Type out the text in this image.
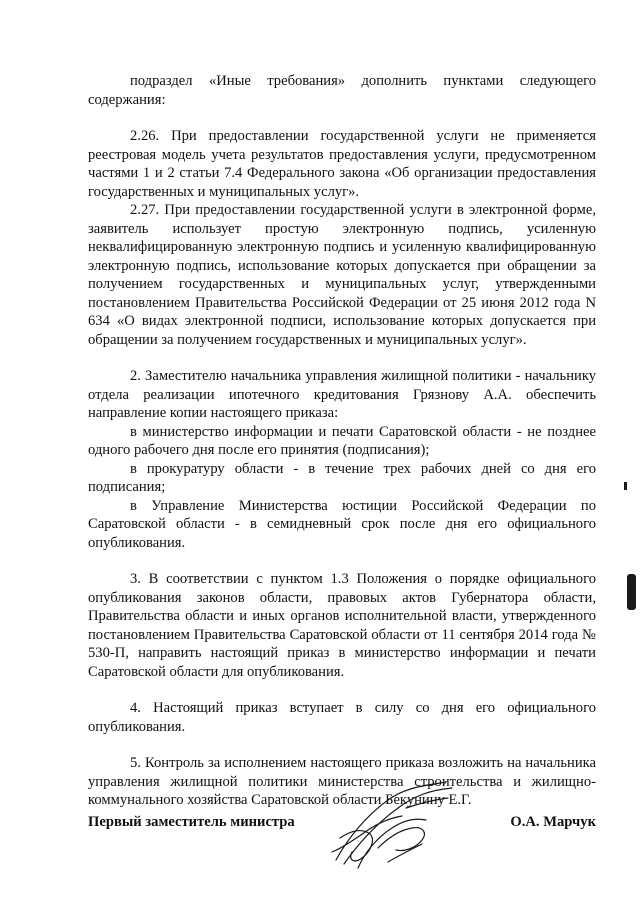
подраздел «Иные требования» дополнить пунктами следующего содержания:

2.26. При предоставлении государственной услуги не применяется реестровая модель учета результатов предоставления услуги, предусмотренном частями 1 и 2 статьи 7.4 Федерального закона «Об организации предоставления государственных и муниципальных услуг».

2.27. При предоставлении государственной услуги в электронной форме, заявитель использует простую электронную подпись, усиленную неквалифицированную электронную подпись и усиленную квалифицированную электронную подпись, использование которых допускается при обращении за получением государственных и муниципальных услуг, утвержденными постановлением Правительства Российской Федерации от 25 июня 2012 года N 634 «О видах электронной подписи, использование которых допускается при обращении за получением государственных и муниципальных услуг».

2. Заместителю начальника управления жилищной политики - начальнику отдела реализации ипотечного кредитования Грязнову А.А. обеспечить направление копии настоящего приказа:

в министерство информации и печати Саратовской области - не позднее одного рабочего дня после его принятия (подписания);

в прокуратуру области - в течение трех рабочих дней со дня его подписания;

в Управление Министерства юстиции Российской Федерации по Саратовской области - в семидневный срок после дня его официального опубликования.

3. В соответствии с пунктом 1.3 Положения о порядке официального опубликования законов области, правовых актов Губернатора области, Правительства области и иных органов исполнительной власти, утвержденного постановлением Правительства Саратовской области от 11 сентября 2014 года № 530-П, направить настоящий приказ в министерство информации и печати Саратовской области для опубликования.

4. Настоящий приказ вступает в силу со дня его официального опубликования.

5. Контроль за исполнением настоящего приказа возложить на начальника управления жилищной политики министерства строительства и жилищно-коммунального хозяйства Саратовской области Бекунину Е.Г.

Первый заместитель министра	О.А. Марчук
